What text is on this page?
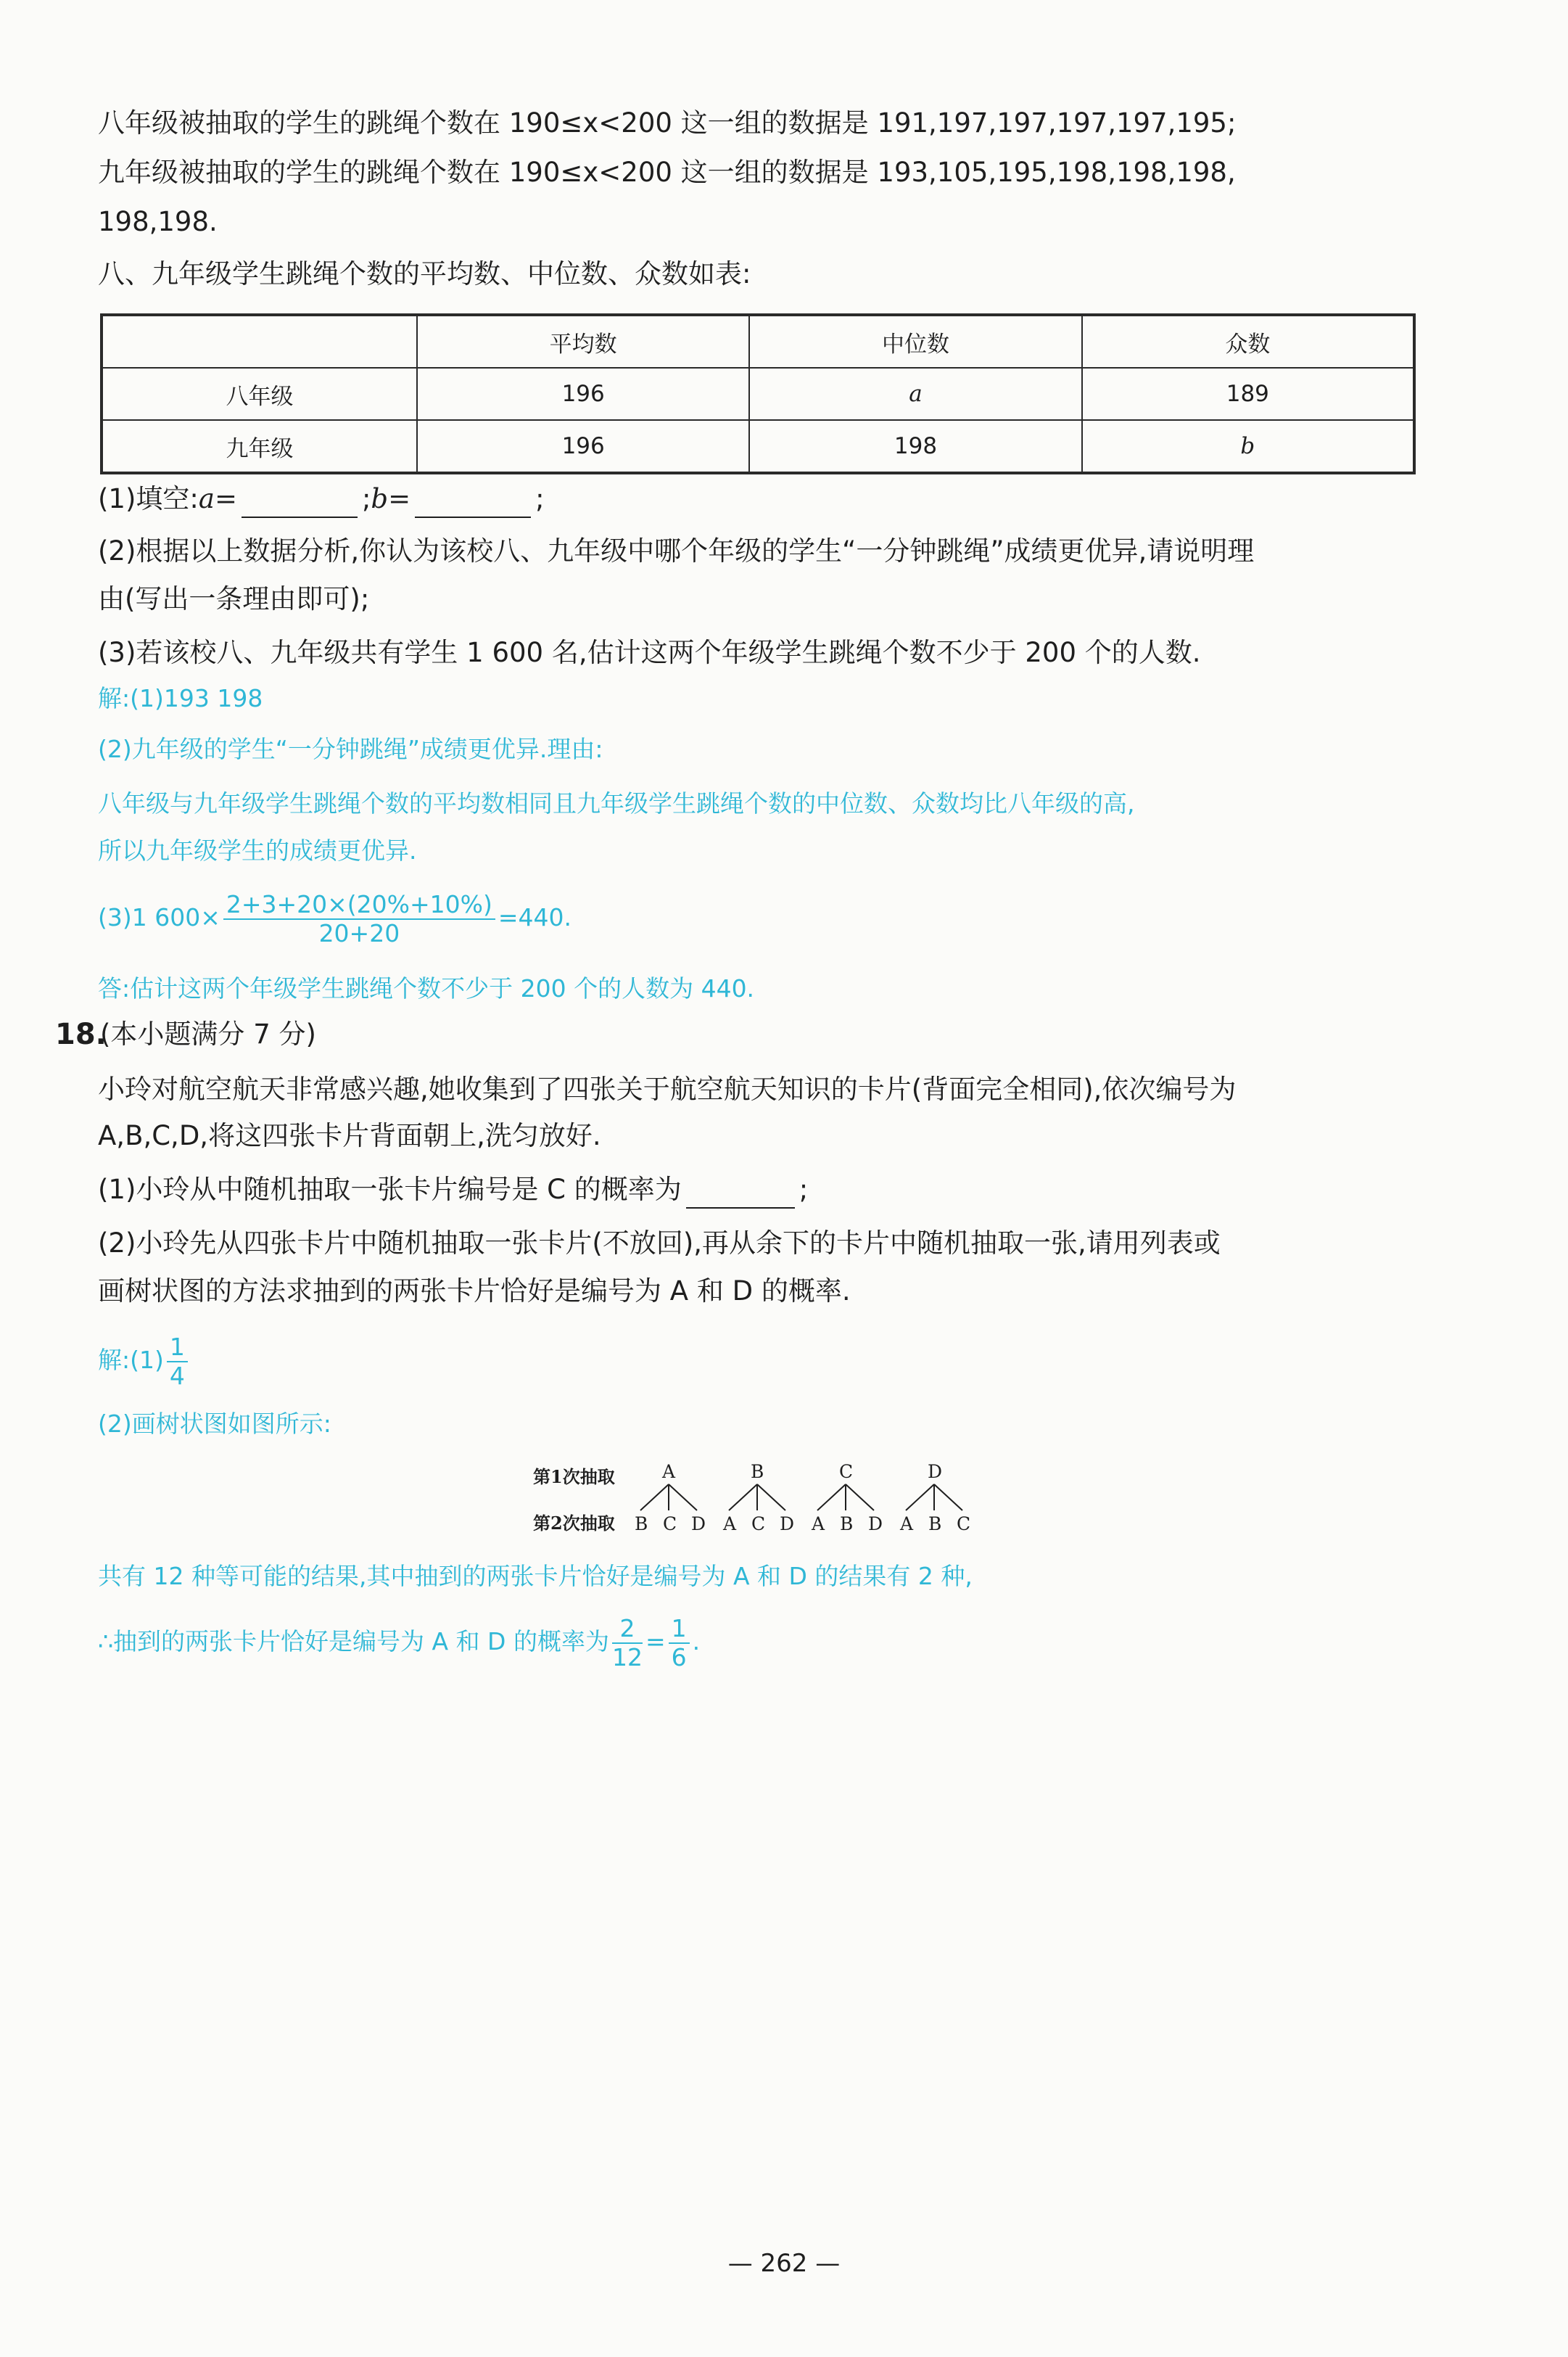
八年级被抽取的学生的跳绳个数在 190≤x<200 这一组的数据是 191,197,197,197,197,195;
九年级被抽取的学生的跳绳个数在 190≤x<200 这一组的数据是 193,105,195,198,198,198,
198,198.
八、九年级学生跳绳个数的平均数、中位数、众数如表:
	平均数	中位数	众数
八年级	196	a	189
九年级	196	198	b
(1)填空:a=	;b=	;
(2)根据以上数据分析,你认为该校八、九年级中哪个年级的学生“一分钟跳绳”成绩更优异,请说明理
由(写出一条理由即可);
(3)若该校八、九年级共有学生 1 600 名,估计这两个年级学生跳绳个数不少于 200 个的人数.
解:(1)193 198
(2)九年级的学生“一分钟跳绳”成绩更优异.理由:
八年级与九年级学生跳绳个数的平均数相同且九年级学生跳绳个数的中位数、众数均比八年级的高,
所以九年级学生的成绩更优异.
(3)1 $600\times \frac{2+3+20\times(20\%+10\%)}{20+20} =440$.
答:估计这两个年级学生跳绳个数不少于 200 个的人数为 440.
18.
(本小题满分 7 分)
小玲对航空航天非常感兴趣,她收集到了四张关于航空航天知识的卡片(背面完全相同),依次编号为
A,B,C,D,将这四张卡片背面朝上,洗匀放好.
(1)小玲从中随机抽取一张卡片编号是 C 的概率为	;
(2)小玲先从四张卡片中随机抽取一张卡片(不放回),再从余下的卡片中随机抽取一张,请用列表或
画树状图的方法求抽到的两张卡片恰好是编号为 A 和 D 的概率.
解:(1) $\frac{1}{4}$
(2)画树状图如图所示:
第1次抽取
第2次抽取
A	B	C	D
B C D A C D A B D A B C
共有 12 种等可能的结果,其中抽到的两张卡片恰好是编号为 A 和 D 的结果有 2 种,
∴抽到的两张卡片恰好是编号为 A 和 D 的概率为 $\frac{2}{12} = \frac{1}{6}$ .
— 262 —
